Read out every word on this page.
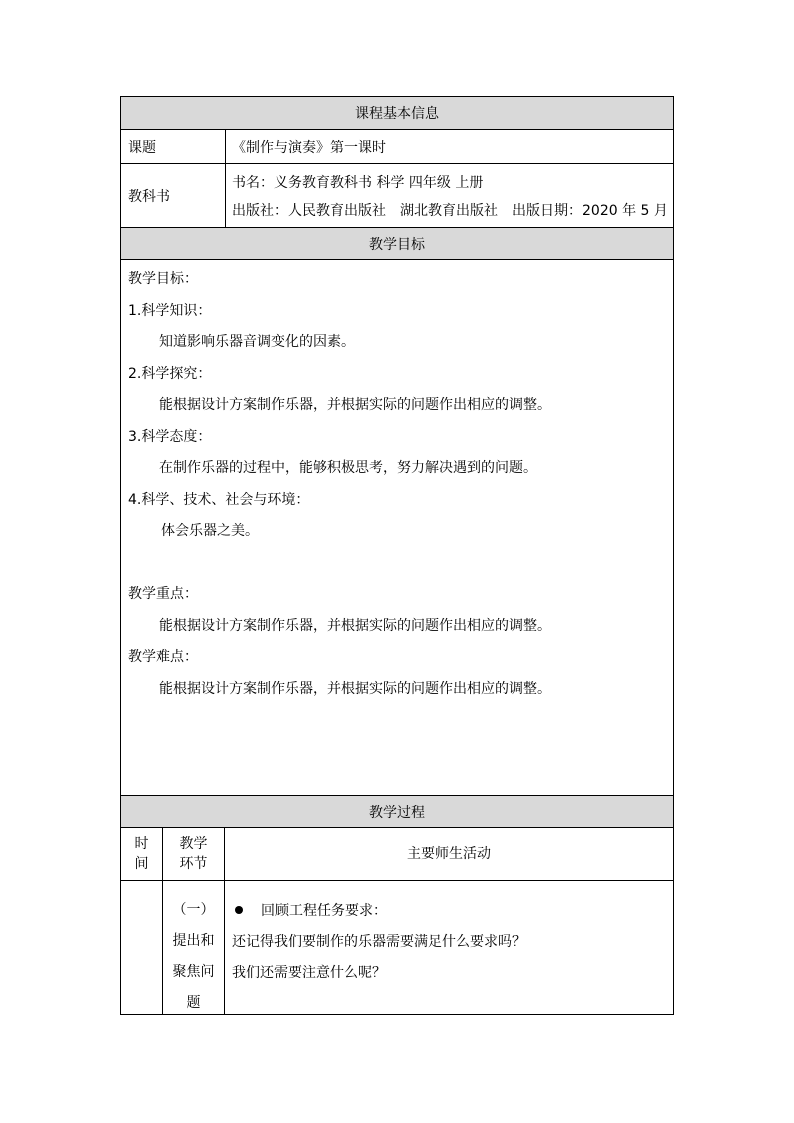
课程基本信息
课题	《制作与演奏》第一课时
教科书
书名：义务教育教科书 科学 四年级 上册
出版社：人民教育出版社　湖北教育出版社　出版日期：2020 年 5 月
教学目标
教学目标：
1.科学知识：
知道影响乐器音调变化的因素。
2.科学探究：
能根据设计方案制作乐器，并根据实际的问题作出相应的调整。
3.科学态度：
在制作乐器的过程中，能够积极思考，努力解决遇到的问题。
4.科学、技术、社会与环境：
体会乐器之美。
教学重点：
能根据设计方案制作乐器，并根据实际的问题作出相应的调整。
教学难点：
能根据设计方案制作乐器，并根据实际的问题作出相应的调整。
教学过程
时
间
教学
环节
主要师生活动
（一）
提出和
聚焦问
题
回顾工程任务要求：
还记得我们要制作的乐器需要满足什么要求吗？
我们还需要注意什么呢？
